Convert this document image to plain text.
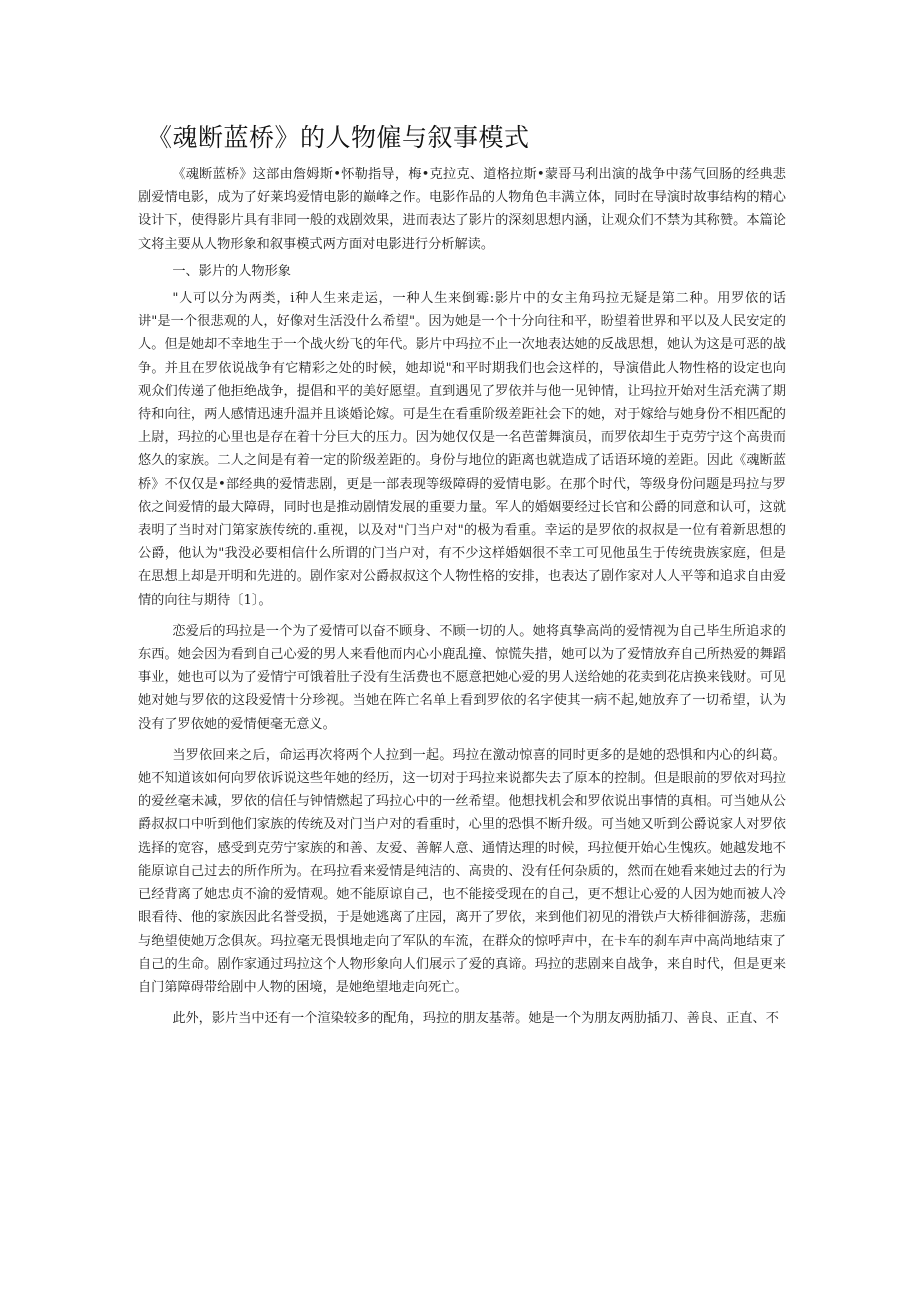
《魂断蓝桥》的人物僱与叙事模式

《魂断蓝桥》这部由詹姆斯•怀勒指导，梅•克拉克、道格拉斯•蒙哥马利出演的战争中荡气回肠的经典悲剧爱情电影，成为了好莱坞爱情电影的巅峰之作。电影作品的人物角色丰满立体，同时在导演时故事结构的精心设计下，使得影片具有非同一般的戏剧效果，进而表达了影片的深刻思想内涵，让观众们不禁为其称赞。本篇论文将主要从人物形象和叙事模式两方面对电影进行分析解读。

一、影片的人物形象

"人可以分为两类，i种人生来走运，一种人生来倒霉:影片中的女主角玛拉无疑是第二种。用罗依的话讲"是一个很悲观的人，好像对生活没什么希望"。因为她是一个十分向往和平，盼望着世界和平以及人民安定的人。但是她却不幸地生于一个战火纷飞的年代。影片中玛拉不止一次地表达她的反战思想，她认为这是可恶的战争。并且在罗依说战争有它精彩之处的时候，她却说"和平时期我们也会这样的，导演借此人物性格的设定也向观众们传递了他拒绝战争，提倡和平的美好愿望。直到遇见了罗依并与他一见钟情，让玛拉开始对生活充满了期待和向往，两人感情迅速升温并且谈婚论嫁。可是生在看重阶级差距社会下的她，对于嫁给与她身份不相匹配的上尉，玛拉的心里也是存在着十分巨大的压力。因为她仅仅是一名芭蕾舞演员，而罗依却生于克劳宁这个高贵而悠久的家族。二人之间是有着一定的阶级差距的。身份与地位的距离也就造成了话语环境的差距。因此《魂断蓝桥》不仅仅是•部经典的爱情悲剧，更是一部表现等级障碍的爱情电影。在那个时代，等级身份问题是玛拉与罗依之间爱情的最大障碍，同时也是推动剧情发展的重要力量。军人的婚姻要经过长官和公爵的同意和认可，这就表明了当时对门第家族传统的.重视，以及对"门当户对"的极为看重。幸运的是罗依的叔叔是一位有着新思想的公爵，他认为"我没必要相信什么所谓的门当户对，有不少这样婚姻很不幸工可见他虽生于传统贵族家庭，但是在思想上却是开明和先进的。剧作家对公爵叔叔这个人物性格的安排，也表达了剧作家对人人平等和追求自由爱情的向往与期待〔1〕。

恋爱后的玛拉是一个为了爱情可以奋不顾身、不顾一切的人。她将真挚高尚的爱情视为自己毕生所追求的东西。她会因为看到自己心爱的男人来看他而内心小鹿乱撞、惊慌失措，她可以为了爱情放弃自己所热爱的舞蹈事业，她也可以为了爱情宁可饿着肚子没有生活费也不愿意把她心爱的男人送给她的花卖到花店换来钱财。可见她对她与罗依的这段爱情十分珍视。当她在阵亡名单上看到罗依的名字使其一病不起,她放弃了一切希望，认为没有了罗依她的爱情便毫无意义。

当罗依回来之后，命运再次将两个人拉到一起。玛拉在激动惊喜的同时更多的是她的恐惧和内心的纠葛。她不知道该如何向罗依诉说这些年她的经历，这一切对于玛拉来说都失去了原本的控制。但是眼前的罗依对玛拉的爱丝毫未减，罗依的信任与钟情燃起了玛拉心中的一丝希望。他想找机会和罗依说出事情的真相。可当她从公爵叔叔口中听到他们家族的传统及对门当户对的看重时，心里的恐惧不断升级。可当她又听到公爵说家人对罗依选择的宽容，感受到克劳宁家族的和善、友爱、善解人意、通情达理的时候，玛拉便开始心生愧疚。她越发地不能原谅自己过去的所作所为。在玛拉看来爱情是纯洁的、高贵的、没有任何杂质的，然而在她看来她过去的行为已经背离了她忠贞不渝的爱情观。她不能原谅自己，也不能接受现在的自己，更不想让心爱的人因为她而被人冷眼看待、他的家族因此名誉受损，于是她逃离了庄园，离开了罗依，来到他们初见的滑铁卢大桥徘徊游荡，悲痂与绝望使她万念俱灰。玛拉毫无畏惧地走向了军队的车流，在群众的惊呼声中，在卡车的刹车声中高尚地结束了自己的生命。剧作家通过玛拉这个人物形象向人们展示了爱的真谛。玛拉的悲剧来自战争，来自时代，但是更来自门第障碍带给剧中人物的困境，是她绝望地走向死亡。

此外，影片当中还有一个渲染较多的配角，玛拉的朋友基蒂。她是一个为朋友两肋插刀、善良、正直、不
